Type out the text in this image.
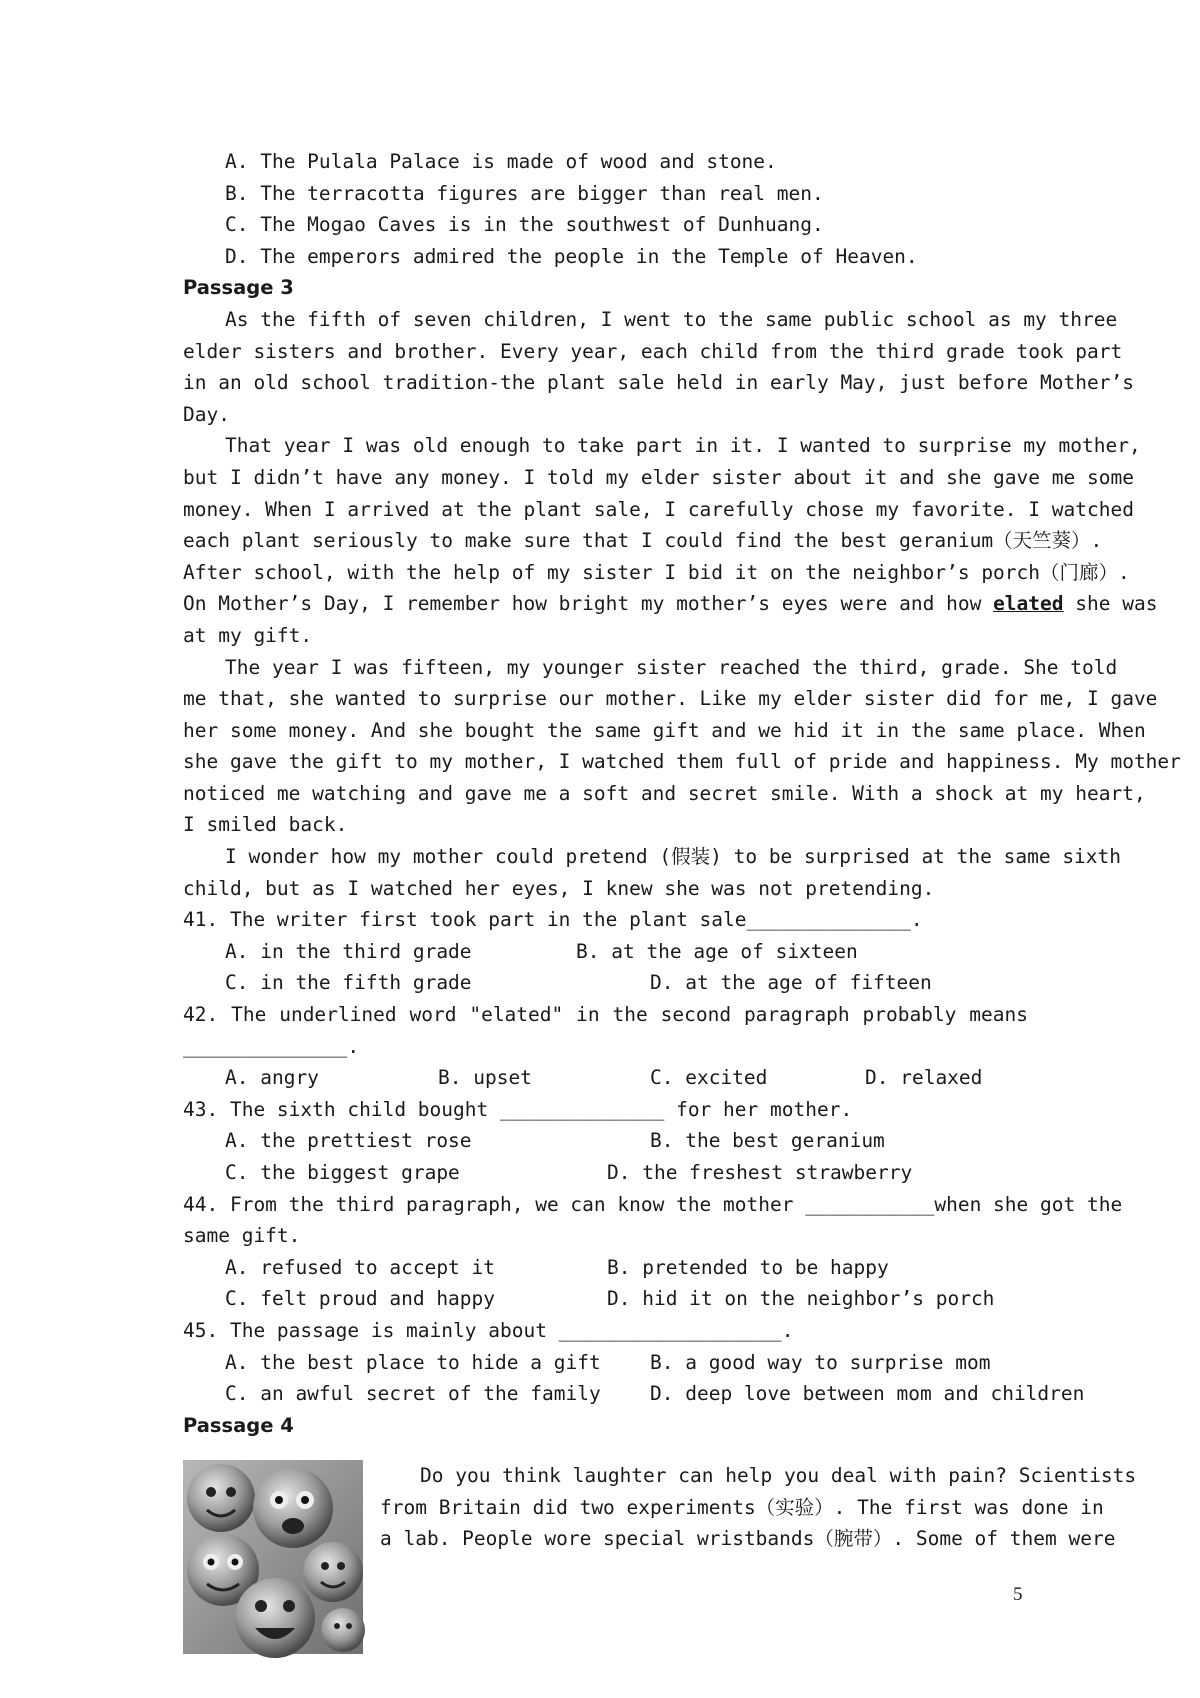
A. The Pulala Palace is made of wood and stone.
B. The terracotta figures are bigger than real men.
C. The Mogao Caves is in the southwest of Dunhuang.
D. The emperors admired the people in the Temple of Heaven.
Passage 3
As the fifth of seven children, I went to the same public school as my three
elder sisters and brother. Every year, each child from the third grade took part
in an old school tradition-the plant sale held in early May, just before Mother’s
Day.
That year I was old enough to take part in it. I wanted to surprise my mother,
but I didn’t have any money. I told my elder sister about it and she gave me some
money. When I arrived at the plant sale, I carefully chose my favorite. I watched
each plant seriously to make sure that I could find the best geranium（天竺葵）.
After school, with the help of my sister I bid it on the neighbor’s porch（门廊）.
On Mother’s Day, I remember how bright my mother’s eyes were and how elated she was
at my gift.
The year I was fifteen, my younger sister reached the third, grade. She told
me that, she wanted to surprise our mother. Like my elder sister did for me, I gave
her some money. And she bought the same gift and we hid it in the same place. When
she gave the gift to my mother, I watched them full of pride and happiness. My mother
noticed me watching and gave me a soft and secret smile. With a shock at my heart,
I smiled back.
I wonder how my mother could pretend (假装) to be surprised at the same sixth
child, but as I watched her eyes, I knew she was not pretending.
41. The writer first took part in the plant sale______________.
A. in the third grade	B. at the age of sixteen
C. in the fifth grade	D. at the age of fifteen
42. The underlined word "elated" in the second paragraph probably means
______________.
A. angry	B. upset	C. excited	D. relaxed
43. The sixth child bought ______________ for her mother.
A. the prettiest rose	B. the best geranium
C. the biggest grape	D. the freshest strawberry
44. From the third paragraph, we can know the mother ___________when she got the
same gift.
A. refused to accept it	B. pretended to be happy
C. felt proud and happy	D. hid it on the neighbor’s porch
45. The passage is mainly about ___________________.
A. the best place to hide a gift	B. a good way to surprise mom
C. an awful secret of the family	D. deep love between mom and children
Passage 4
Do you think laughter can help you deal with pain? Scientists
from Britain did two experiments（实验）. The first was done in
a lab. People wore special wristbands（腕带）. Some of them were
5
